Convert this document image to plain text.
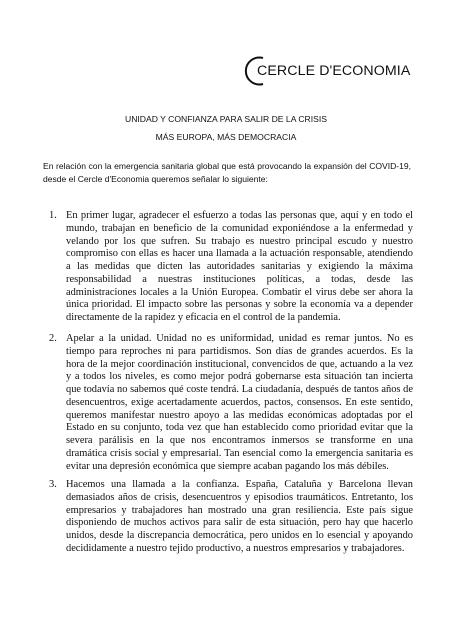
CERCLE D'ECONOMIA
UNIDAD Y CONFIANZA PARA SALIR DE LA CRISIS
MÁS EUROPA, MÁS DEMOCRACIA

En relación con la emergencia sanitaria global que está provocando la expansión del COVID-19, desde el Cercle d'Economia queremos señalar lo siguiente:

1. En primer lugar, agradecer el esfuerzo a todas las personas que, aquí y en todo el mundo, trabajan en beneficio de la comunidad exponiéndose a la enfermedad y velando por los que sufren. Su trabajo es nuestro principal escudo y nuestro compromiso con ellas es hacer una llamada a la actuación responsable, atendiendo a las medidas que dicten las autoridades sanitarias y exigiendo la máxima responsabilidad a nuestras instituciones políticas, a todas, desde las administraciones locales a la Unión Europea. Combatir el virus debe ser ahora la única prioridad. El impacto sobre las personas y sobre la economía va a depender directamente de la rapidez y eficacia en el control de la pandemia.

2. Apelar a la unidad. Unidad no es uniformidad, unidad es remar juntos. No es tiempo para reproches ni para partidismos. Son días de grandes acuerdos. Es la hora de la mejor coordinación institucional, convencidos de que, actuando a la vez y a todos los niveles, es como mejor podrá gobernarse esta situación tan incierta que todavía no sabemos qué coste tendrá. La ciudadanía, después de tantos años de desencuentros, exige acertadamente acuerdos, pactos, consensos. En este sentido, queremos manifestar nuestro apoyo a las medidas económicas adoptadas por el Estado en su conjunto, toda vez que han establecido como prioridad evitar que la severa parálisis en la que nos encontramos inmersos se transforme en una dramática crisis social y empresarial. Tan esencial como la emergencia sanitaria es evitar una depresión económica que siempre acaban pagando los más débiles.

3. Hacemos una llamada a la confianza. España, Cataluña y Barcelona llevan demasiados años de crisis, desencuentros y episodios traumáticos. Entretanto, los empresarios y trabajadores han mostrado una gran resiliencia. Este país sigue disponiendo de muchos activos para salir de esta situación, pero hay que hacerlo unidos, desde la discrepancia democrática, pero unidos en lo esencial y apoyando decididamente a nuestro tejido productivo, a nuestros empresarios y trabajadores.
